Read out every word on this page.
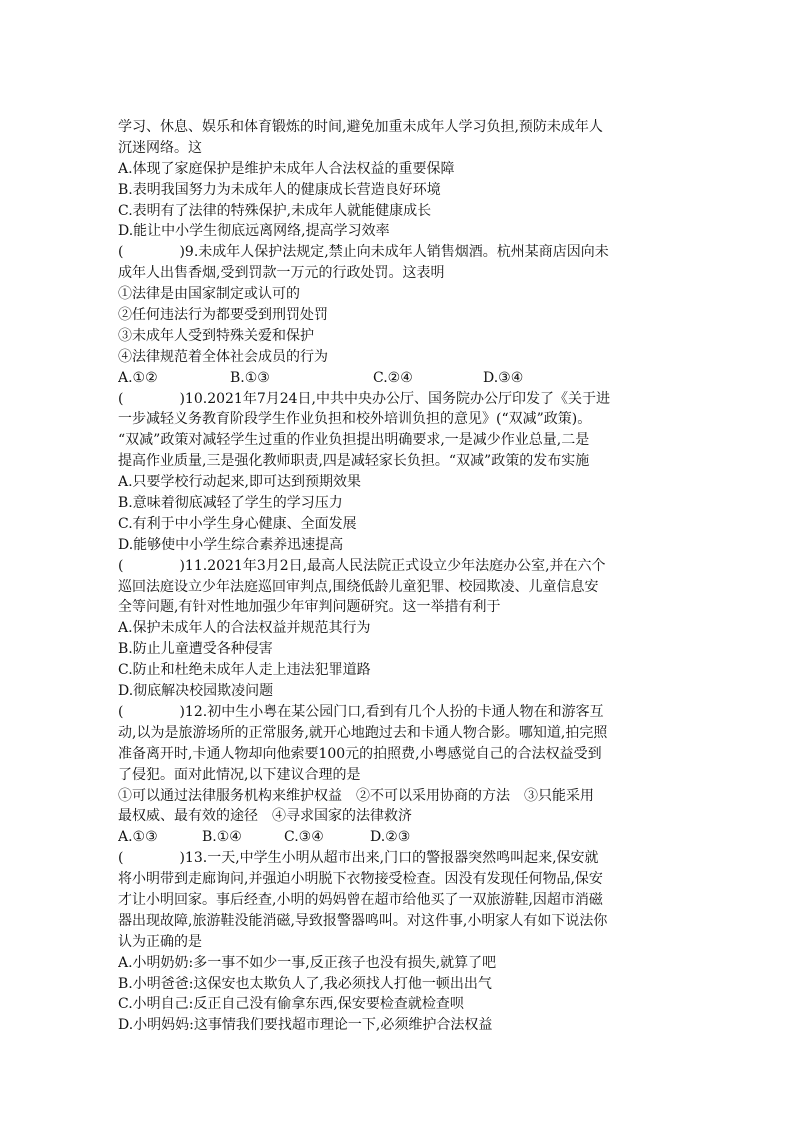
学习、休息、娱乐和体育锻炼的时间,避免加重未成年人学习负担,预防未成年人
沉迷网络。这
A.体现了家庭保护是维护未成年人合法权益的重要保障
B.表明我国努力为未成年人的健康成长营造良好环境
C.表明有了法律的特殊保护,未成年人就能健康成长
D.能让中小学生彻底远离网络,提高学习效率
(　　　　)9.未成年人保护法规定,禁止向未成年人销售烟酒。杭州某商店因向未
成年人出售香烟,受到罚款一万元的行政处罚。这表明
①法律是由国家制定或认可的
②任何违法行为都要受到刑罚处罚
③未成年人受到特殊关爱和保护
④法律规范着全体社会成员的行为
A.①②	B.①③	C.②④	D.③④
(　　　　)10.2021年7月24日,中共中央办公厅、国务院办公厅印发了《关于进
一步减轻义务教育阶段学生作业负担和校外培训负担的意见》(“双减”政策)。
“双减”政策对减轻学生过重的作业负担提出明确要求,一是减少作业总量,二是
提高作业质量,三是强化教师职责,四是减轻家长负担。“双减”政策的发布实施
A.只要学校行动起来,即可达到预期效果
B.意味着彻底减轻了学生的学习压力
C.有利于中小学生身心健康、全面发展
D.能够使中小学生综合素养迅速提高
(　　　　)11.2021年3月2日,最高人民法院正式设立少年法庭办公室,并在六个
巡回法庭设立少年法庭巡回审判点,围绕低龄儿童犯罪、校园欺凌、儿童信息安
全等问题,有针对性地加强少年审判问题研究。这一举措有利于
A.保护未成年人的合法权益并规范其行为
B.防止儿童遭受各种侵害
C.防止和杜绝未成年人走上违法犯罪道路
D.彻底解决校园欺凌问题
(　　　　)12.初中生小粤在某公园门口,看到有几个人扮的卡通人物在和游客互
动,以为是旅游场所的正常服务,就开心地跑过去和卡通人物合影。哪知道,拍完照
准备离开时,卡通人物却向他索要100元的拍照费,小粤感觉自己的合法权益受到
了侵犯。面对此情况,以下建议合理的是
①可以通过法律服务机构来维护权益　②不可以采用协商的方法　③只能采用
最权威、最有效的途径　④寻求国家的法律救济
A.①③	B.①④	C.③④	D.②③
(　　　　)13.一天,中学生小明从超市出来,门口的警报器突然鸣叫起来,保安就
将小明带到走廊询问,并强迫小明脱下衣物接受检查。因没有发现任何物品,保安
才让小明回家。事后经查,小明的妈妈曾在超市给他买了一双旅游鞋,因超市消磁
器出现故障,旅游鞋没能消磁,导致报警器鸣叫。对这件事,小明家人有如下说法你
认为正确的是
A.小明奶奶:多一事不如少一事,反正孩子也没有损失,就算了吧
B.小明爸爸:这保安也太欺负人了,我必须找人打他一顿出出气
C.小明自己:反正自己没有偷拿东西,保安要检查就检查呗
D.小明妈妈:这事情我们要找超市理论一下,必须维护合法权益
